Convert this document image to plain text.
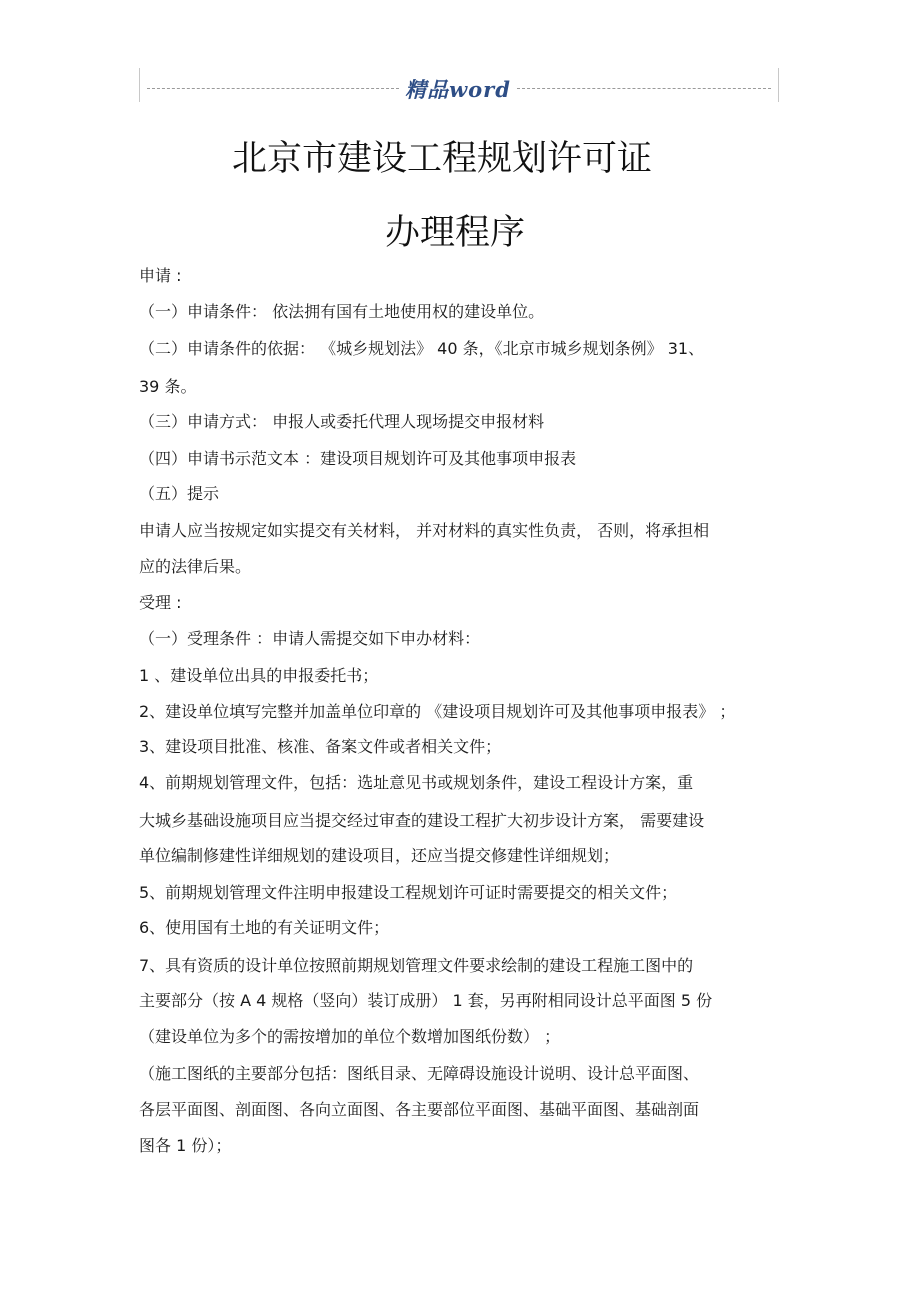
精品word
北京市建设工程规划许可证
办理程序
申请 :
（一）申请条件： 依法拥有国有土地使用权的建设单位。
（二）申请条件的依据： 《城乡规划法》 40 条，《北京市城乡规划条例》 31、
39 条。
（三）申请方式： 申报人或委托代理人现场提交申报材料
（四）申请书示范文本 ：建设项目规划许可及其他事项申报表
（五）提示
申请人应当按规定如实提交有关材料， 并对材料的真实性负责， 否则，将承担相
应的法律后果。
受理 :
（一）受理条件 ：申请人需提交如下申办材料：
1 、建设单位出具的申报委托书；
2、建设单位填写完整并加盖单位印章的 《建设项目规划许可及其他事项申报表》 ；
3、建设项目批准、核准、备案文件或者相关文件；
4、前期规划管理文件，包括：选址意见书或规划条件，建设工程设计方案，重
大城乡基础设施项目应当提交经过审查的建设工程扩大初步设计方案， 需要建设
单位编制修建性详细规划的建设项目，还应当提交修建性详细规划；
5、前期规划管理文件注明申报建设工程规划许可证时需要提交的相关文件；
6、使用国有土地的有关证明文件；
7、具有资质的设计单位按照前期规划管理文件要求绘制的建设工程施工图中的
主要部分（按 A 4 规格（竖向）装订成册） 1 套，另再附相同设计总平面图 5 份
（建设单位为多个的需按增加的单位个数增加图纸份数） ；
（施工图纸的主要部分包括：图纸目录、无障碍设施设计说明、设计总平面图、
各层平面图、剖面图、各向立面图、各主要部位平面图、基础平面图、基础剖面
图各 1 份）；
